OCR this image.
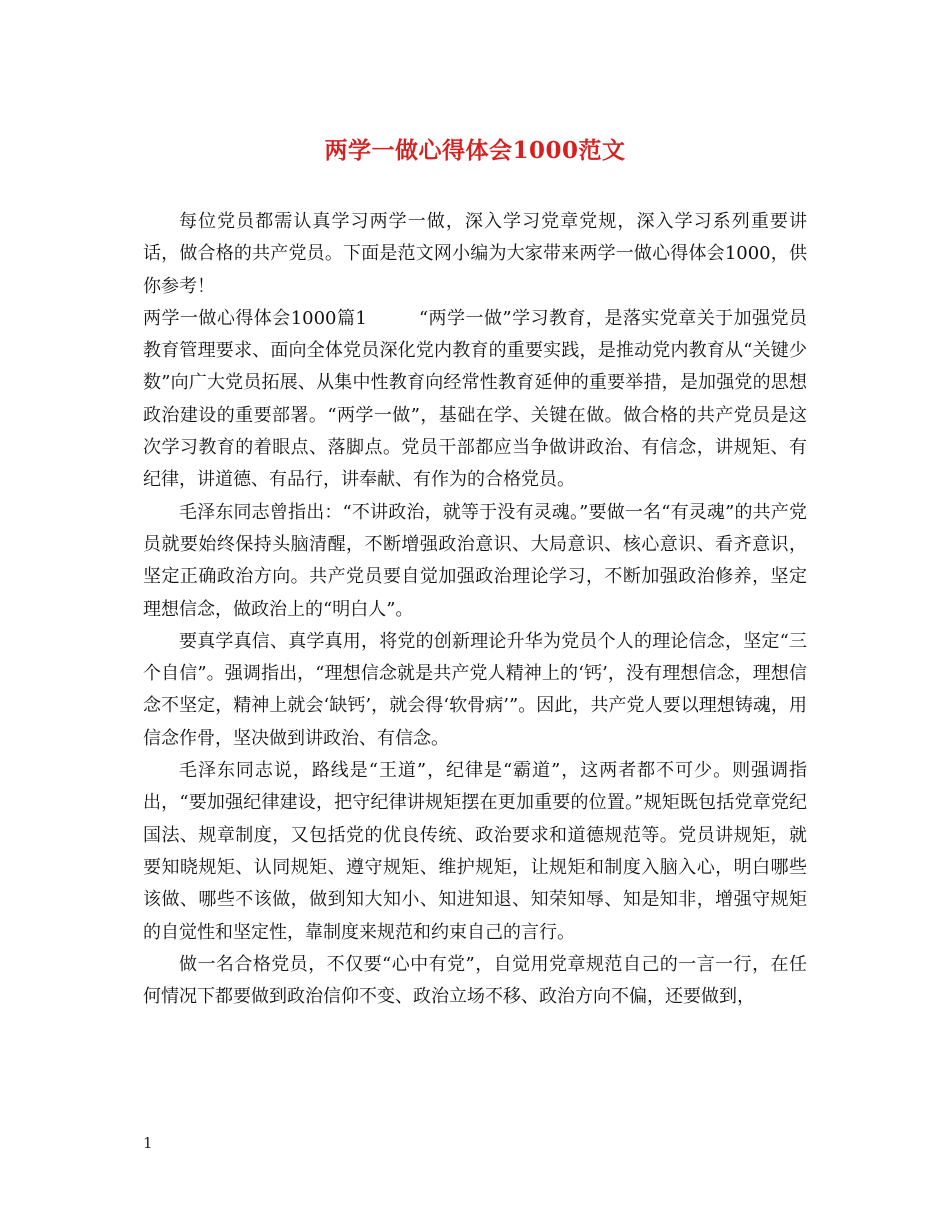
两学一做心得体会1000范文

每位党员都需认真学习两学一做，深入学习党章党规，深入学习系列重要讲话，做合格的共产党员。下面是范文网小编为大家带来两学一做心得体会1000，供你参考！

两学一做心得体会1000篇1	“两学一做”学习教育，是落实党章关于加强党员教育管理要求、面向全体党员深化党内教育的重要实践，是推动党内教育从“关键少数”向广大党员拓展、从集中性教育向经常性教育延伸的重要举措，是加强党的思想政治建设的重要部署。“两学一做”，基础在学、关键在做。做合格的共产党员是这次学习教育的着眼点、落脚点。党员干部都应当争做讲政治、有信念，讲规矩、有纪律，讲道德、有品行，讲奉献、有作为的合格党员。

毛泽东同志曾指出：“不讲政治，就等于没有灵魂。”要做一名“有灵魂”的共产党员就要始终保持头脑清醒，不断增强政治意识、大局意识、核心意识、看齐意识，坚定正确政治方向。共产党员要自觉加强政治理论学习，不断加强政治修养，坚定理想信念，做政治上的“明白人”。

要真学真信、真学真用，将党的创新理论升华为党员个人的理论信念，坚定“三个自信”。强调指出，“理想信念就是共产党人精神上的‘钙’，没有理想信念，理想信念不坚定，精神上就会‘缺钙’，就会得‘软骨病’”。因此，共产党人要以理想铸魂，用信念作骨，坚决做到讲政治、有信念。

毛泽东同志说，路线是“王道”，纪律是“霸道”，这两者都不可少。则强调指出，“要加强纪律建设，把守纪律讲规矩摆在更加重要的位置。”规矩既包括党章党纪国法、规章制度，又包括党的优良传统、政治要求和道德规范等。党员讲规矩，就要知晓规矩、认同规矩、遵守规矩、维护规矩，让规矩和制度入脑入心，明白哪些该做、哪些不该做，做到知大知小、知进知退、知荣知辱、知是知非，增强守规矩的自觉性和坚定性，靠制度来规范和约束自己的言行。

做一名合格党员，不仅要“心中有党”，自觉用党章规范自己的一言一行，在任何情况下都要做到政治信仰不变、政治立场不移、政治方向不偏，还要做到，

1
